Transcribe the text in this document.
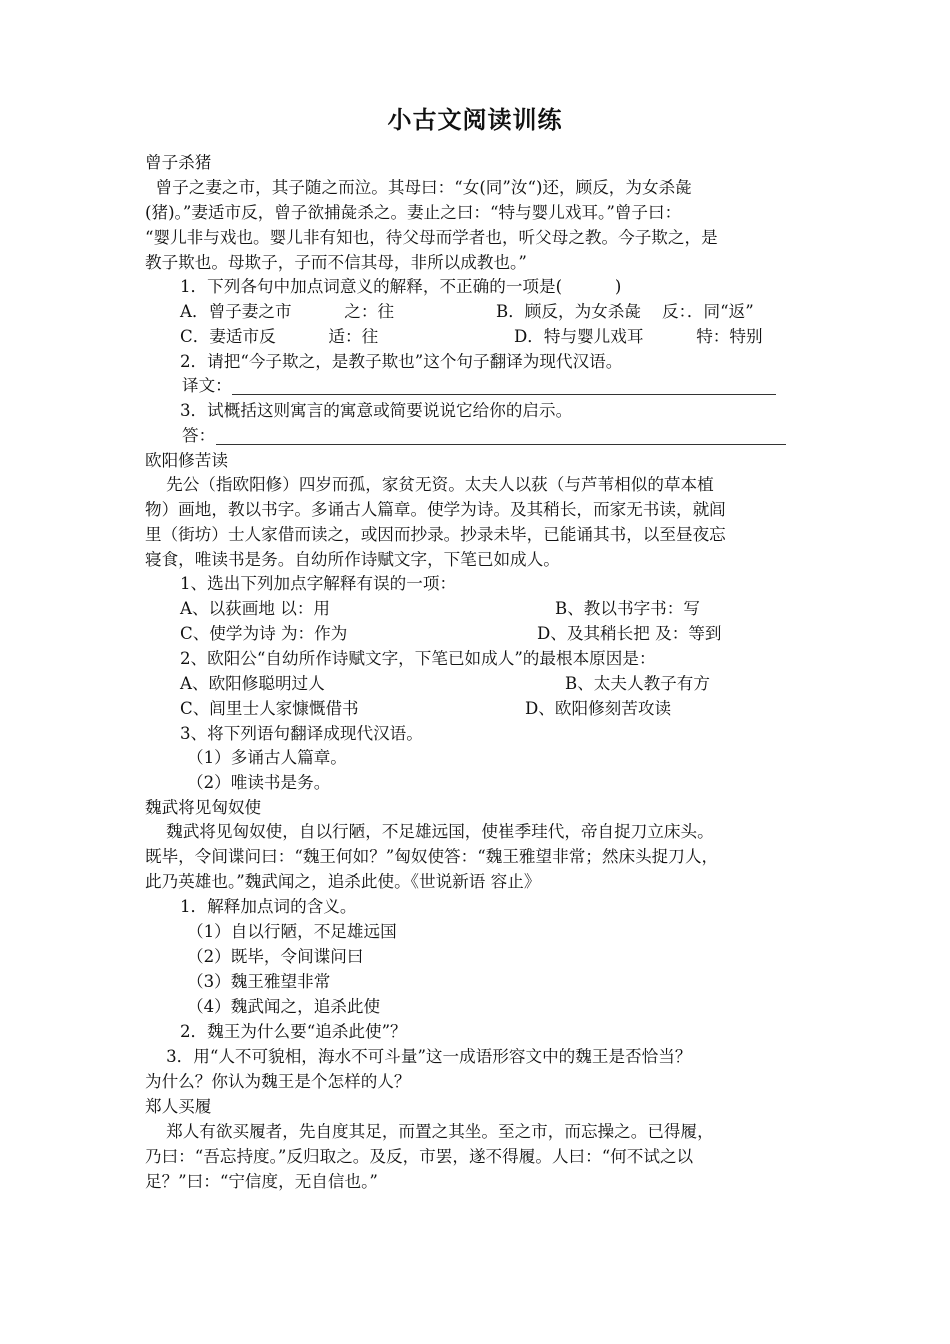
小古文阅读训练
曾子杀猪
曾子之妻之市，其子随之而泣。其母曰：“女(同”汝“)还，顾反，为女杀彘
(猪)。”妻适市反，曾子欲捕彘杀之。妻止之曰：“特与婴儿戏耳。”曾子曰：
“婴儿非与戏也。婴儿非有知也，待父母而学者也，听父母之教。今子欺之，是
教子欺也。母欺子，子而不信其母，非所以成教也。”
1．下列各句中加点词意义的解释，不正确的一项是(          )
A．曾子妻之市          之：往	B．顾反，为女杀彘    反：．同“返”
C．妻适市反          适：往	D．特与婴儿戏耳          特：特别
2．请把“今子欺之，是教子欺也”这个句子翻译为现代汉语。
译文：
3．试概括这则寓言的寓意或简要说说它给你的启示。
答：
欧阳修苦读
先公（指欧阳修）四岁而孤，家贫无资。太夫人以荻（与芦苇相似的草本植
物）画地，教以书字。多诵古人篇章。使学为诗。及其稍长，而家无书读，就闾
里（街坊）士人家借而读之，或因而抄录。抄录未毕，已能诵其书，以至昼夜忘
寝食，唯读书是务。自幼所作诗赋文字，下笔已如成人。
1、选出下列加点字解释有误的一项：
A、以荻画地 以：用	B、教以书字书：写
C、使学为诗 为：作为	D、及其稍长把 及：等到
2、欧阳公“自幼所作诗赋文字，下笔已如成人”的最根本原因是：
A、欧阳修聪明过人	B、太夫人教子有方
C、闾里士人家慷慨借书	D、欧阳修刻苦攻读
3、将下列语句翻译成现代汉语。
（1）多诵古人篇章。
（2）唯读书是务。
魏武将见匈奴使
魏武将见匈奴使，自以行陋，不足雄远国，使崔季珪代，帝自捉刀立床头。
既毕，令间谍问曰：“魏王何如？”匈奴使答：“魏王雅望非常；然床头捉刀人，
此乃英雄也。”魏武闻之，追杀此使。《世说新语 容止》
1．解释加点词的含义。
（1）自以行陋，不足雄远国
（2）既毕，令间谍问曰
（3）魏王雅望非常
（4）魏武闻之，追杀此使
2．魏王为什么要“追杀此使”？
3．用“人不可貌相，海水不可斗量”这一成语形容文中的魏王是否恰当？
为什么？你认为魏王是个怎样的人？
郑人买履
郑人有欲买履者，先自度其足，而置之其坐。至之市，而忘操之。已得履，
乃曰：“吾忘持度。”反归取之。及反，市罢，遂不得履。人曰：“何不试之以
足？”曰：“宁信度，无自信也。”
